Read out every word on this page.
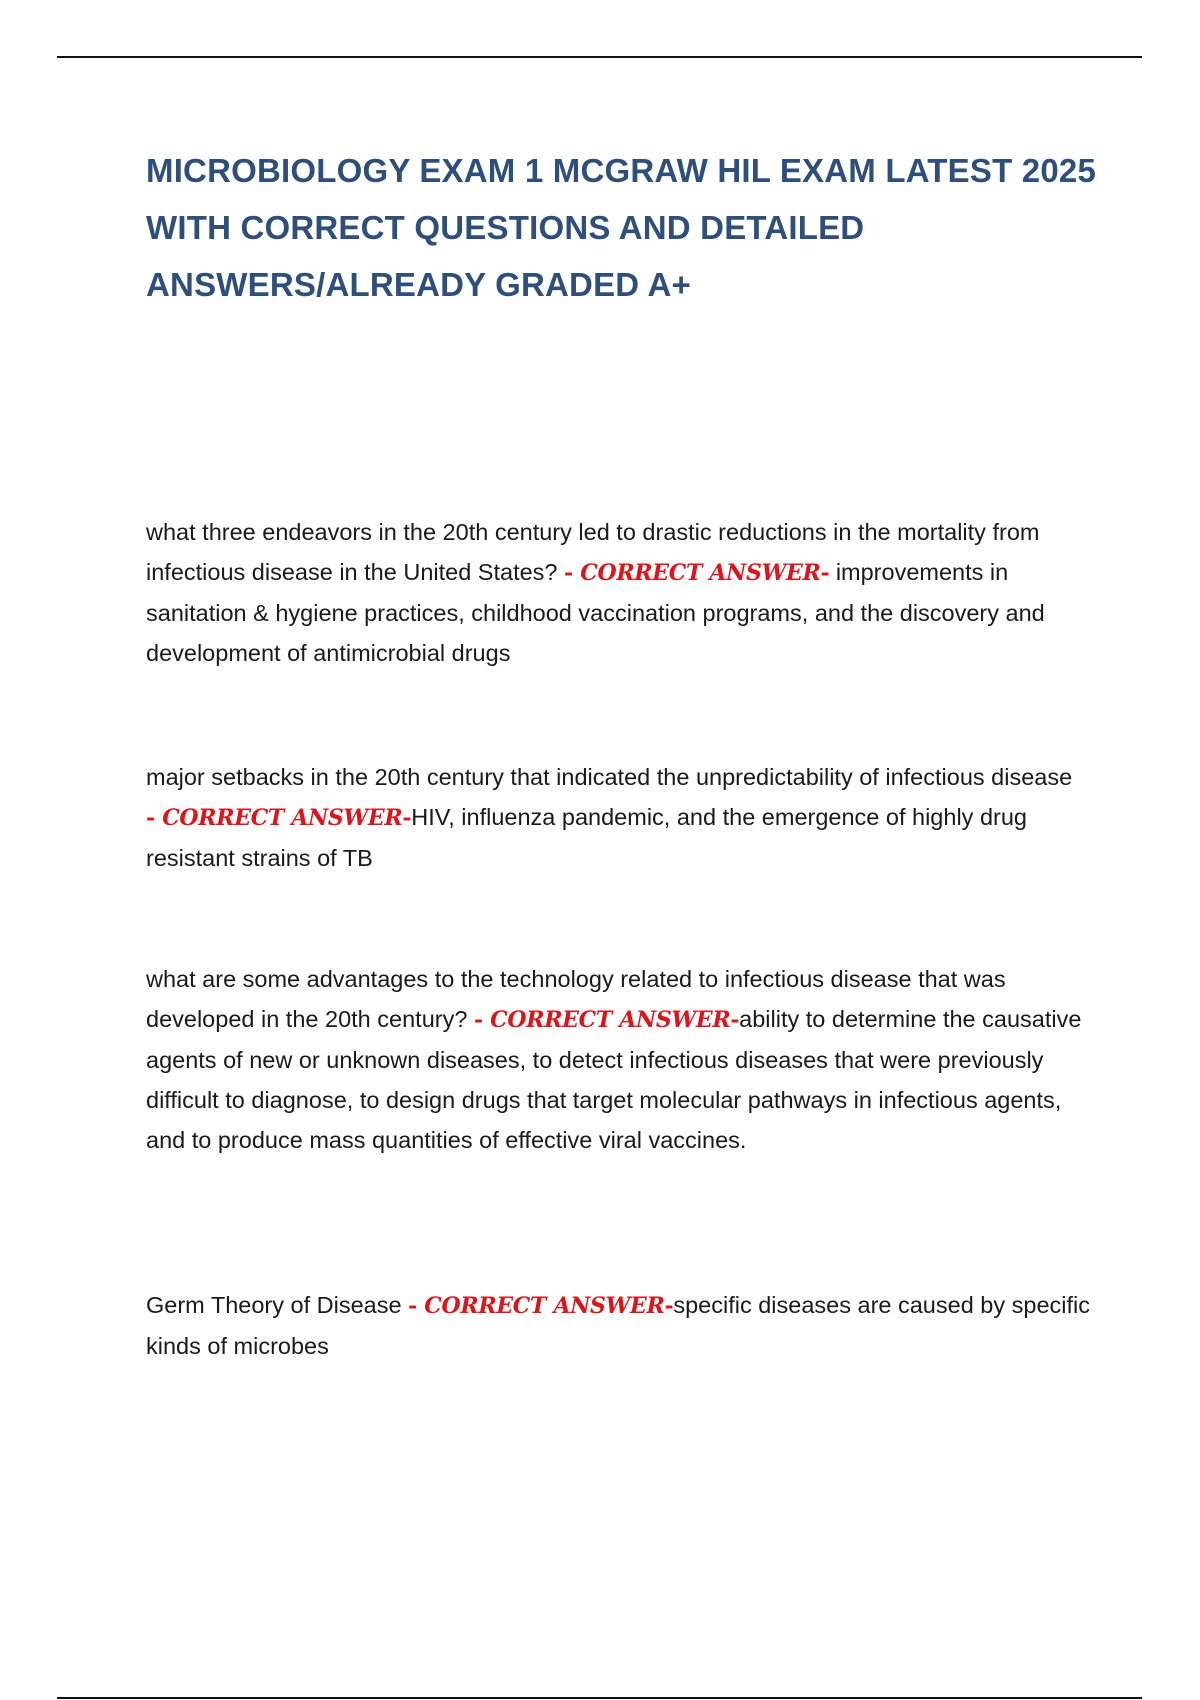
MICROBIOLOGY EXAM 1 MCGRAW HIL EXAM LATEST 2025 WITH CORRECT QUESTIONS AND DETAILED ANSWERS/ALREADY GRADED A+
what three endeavors in the 20th century led to drastic reductions in the mortality from infectious disease in the United States? - CORRECT ANSWER- improvements in sanitation & hygiene practices, childhood vaccination programs, and the discovery and development of antimicrobial drugs
major setbacks in the 20th century that indicated the unpredictability of infectious disease - CORRECT ANSWER-HIV, influenza pandemic, and the emergence of highly drug resistant strains of TB
what are some advantages to the technology related to infectious disease that was developed in the 20th century? - CORRECT ANSWER-ability to determine the causative agents of new or unknown diseases, to detect infectious diseases that were previously difficult to diagnose, to design drugs that target molecular pathways in infectious agents, and to produce mass quantities of effective viral vaccines.
Germ Theory of Disease - CORRECT ANSWER-specific diseases are caused by specific kinds of microbes
